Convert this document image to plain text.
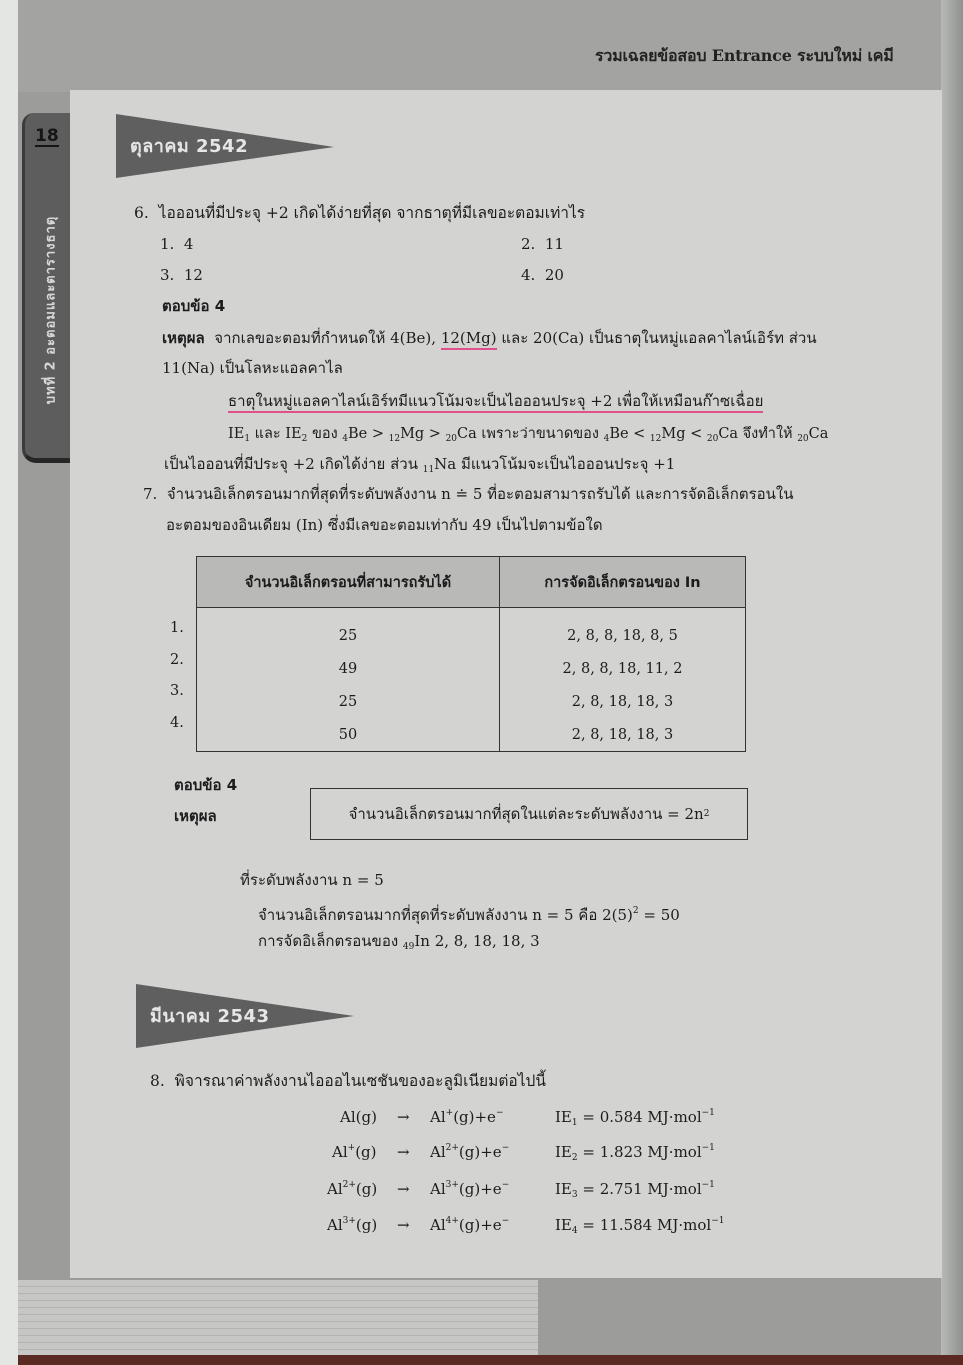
รวมเฉลยข้อสอบ Entrance ระบบใหม่ เคมี
18
บทที่ 2 อะตอมและตารางธาตุ
ตุลาคม 2542
6. ไอออนที่มีประจุ +2 เกิดได้ง่ายที่สุด จากธาตุที่มีเลขอะตอมเท่าไร
1. 4	2. 11
3. 12	4. 20
ตอบข้อ 4
เหตุผล จากเลขอะตอมที่กำหนดให้ 4(Be), 12(Mg) และ 20(Ca) เป็นธาตุในหมู่แอลคาไลน์เอิร์ท ส่วน
11(Na) เป็นโลหะแอลคาไล
ธาตุในหมู่แอลคาไลน์เอิร์ทมีแนวโน้มจะเป็นไอออนประจุ +2 เพื่อให้เหมือนก๊าซเฉื่อย
$IE_1$ และ $IE_2$ ของ $_4$Be > $_{12}$Mg > $_{20}$Ca เพราะว่าขนาดของ $_4$Be < $_{12}$Mg < $_{20}$Ca จึงทำให้ $_{20}$Ca
เป็นไอออนที่มีประจุ +2 เกิดได้ง่าย ส่วน $_{11}$Na มีแนวโน้มจะเป็นไอออนประจุ +1
7. จำนวนอิเล็กตรอนมากที่สุดที่ระดับพลังงาน n ≐ 5 ที่อะตอมสามารถรับได้ และการจัดอิเล็กตรอนใน
อะตอมของอินเดียม (In) ซึ่งมีเลขอะตอมเท่ากับ 49 เป็นไปตามข้อใด
จำนวนอิเล็กตรอนที่สามารถรับได้	การจัดอิเล็กตรอนของ In
25	2, 8, 8, 18, 8, 5
49	2, 8, 8, 18, 11, 2
25	2, 8, 18, 18, 3
50	2, 8, 18, 18, 3
1.
2.
3.
4.
ตอบข้อ 4
เหตุผล	จำนวนอิเล็กตรอนมากที่สุดในแต่ละระดับพลังงาน = 2n 2
ที่ระดับพลังงาน n = 5
จำนวนอิเล็กตรอนมากที่สุดที่ระดับพลังงาน n = 5 คือ $2(5)^2 = 50$
การจัดอิเล็กตรอนของ $_{49}$In 2, 8, 18, 18, 3
มีนาคม 2543
8. พิจารณาค่าพลังงานไอออไนเซชันของอะลูมิเนียมต่อไปนี้
Al(g) → Al+(g)+e−	$IE_1 = 0.584$ MJ·mol$^{-1}$
$Al^+(g) \to Al^{2+}(g)+e^-$	$IE_2 = 1.823$ MJ·mol$^{-1}$
$Al^{2+}(g) \to Al^{3+}(g)+e^-$	$IE_3 = 2.751$ MJ·mol$^{-1}$
$Al^{3+}(g) \to Al^{4+}(g)+e^-$	$IE_4 = 11.584$ MJ·mol$^{-1}$
